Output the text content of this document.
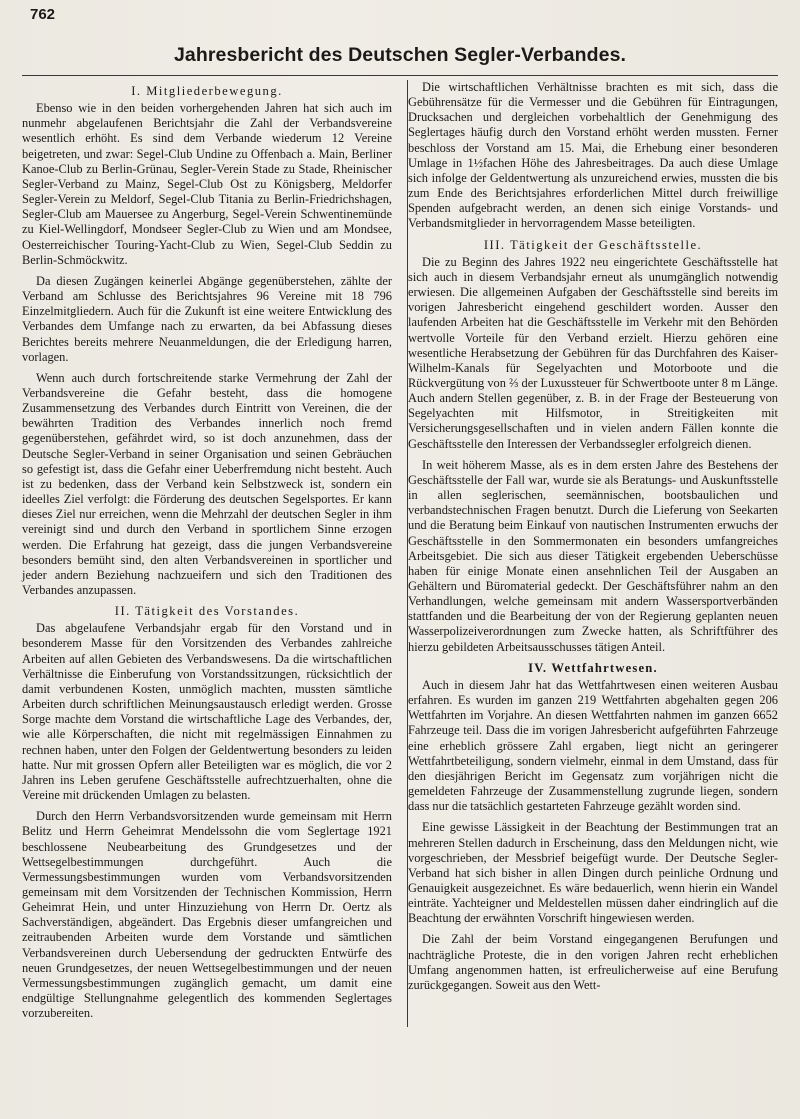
762
Jahresbericht des Deutschen Segler-Verbandes.
I. Mitgliederbewegung.

Ebenso wie in den beiden vorhergehenden Jahren hat sich auch im nunmehr abgelaufenen Berichtsjahr die Zahl der Verbandsvereine wesentlich erhöht. Es sind dem Verbande wiederum 12 Vereine beigetreten, und zwar: Segel-Club Undine zu Offenbach a. Main, Berliner Kanoe-Club zu Berlin-Grünau, Segler-Verein Stade zu Stade, Rheinischer Segler-Verband zu Mainz, Segel-Club Ost zu Königsberg, Meldorfer Segler-Verein zu Meldorf, Segel-Club Titania zu Berlin-Friedrichshagen, Segler-Club am Mauersee zu Angerburg, Segel-Verein Schwentinemünde zu Kiel-Wellingdorf, Mondseer Segler-Club zu Wien und am Mondsee, Oesterreichischer Touring-Yacht-Club zu Wien, Segel-Club Seddin zu Berlin-Schmöckwitz.

Da diesen Zugängen keinerlei Abgänge gegenüberstehen, zählte der Verband am Schlusse des Berichtsjahres 96 Vereine mit 18 796 Einzelmitgliedern. Auch für die Zukunft ist eine weitere Entwicklung des Verbandes dem Umfange nach zu erwarten, da bei Abfassung dieses Berichtes bereits mehrere Neuanmeldungen, die der Erledigung harren, vorlagen.

Wenn auch durch fortschreitende starke Vermehrung der Zahl der Verbandsvereine die Gefahr besteht, dass die homogene Zusammensetzung des Verbandes durch Eintritt von Vereinen, die der bewährten Tradition des Verbandes innerlich noch fremd gegenüberstehen, gefährdet wird, so ist doch anzunehmen, dass der Deutsche Segler-Verband in seiner Organisation und seinen Gebräuchen so gefestigt ist, dass die Gefahr einer Ueberfremdung nicht besteht. Auch ist zu bedenken, dass der Verband kein Selbstzweck ist, sondern ein ideelles Ziel verfolgt: die Förderung des deutschen Segelsportes. Er kann dieses Ziel nur erreichen, wenn die Mehrzahl der deutschen Segler in ihm vereinigt sind und durch den Verband in sportlichem Sinne erzogen werden. Die Erfahrung hat gezeigt, dass die jungen Verbandsvereine besonders bemüht sind, den alten Verbandsvereinen in sportlicher und jeder andern Beziehung nachzueifern und sich den Traditionen des Verbandes anzupassen.

II. Tätigkeit des Vorstandes.

Das abgelaufene Verbandsjahr ergab für den Vorstand und in besonderem Masse für den Vorsitzenden des Verbandes zahlreiche Arbeiten auf allen Gebieten des Verbandswesens. Da die wirtschaftlichen Verhältnisse die Einberufung von Vorstandssitzungen, rücksichtlich der damit verbundenen Kosten, unmöglich machten, mussten sämtliche Arbeiten durch schriftlichen Meinungsaustausch erledigt werden. Grosse Sorge machte dem Vorstand die wirtschaftliche Lage des Verbandes, der, wie alle Körperschaften, die nicht mit regelmässigen Einnahmen zu rechnen haben, unter den Folgen der Geldentwertung besonders zu leiden hatte. Nur mit grossen Opfern aller Beteiligten war es möglich, die vor 2 Jahren ins Leben gerufene Geschäftsstelle aufrechtzuerhalten, ohne die Vereine mit drückenden Umlagen zu belasten.

Durch den Herrn Verbandsvorsitzenden wurde gemeinsam mit Herrn Belitz und Herrn Geheimrat Mendelssohn die vom Seglertage 1921 beschlossene Neubearbeitung des Grundgesetzes und der Wettsegelbestimmungen durchgeführt. Auch die Vermessungsbestimmungen wurden vom Verbandsvorsitzenden gemeinsam mit dem Vorsitzenden der Technischen Kommission, Herrn Geheimrat Hein, und unter Hinzuziehung von Herrn Dr. Oertz als Sachverständigen, abgeändert. Das Ergebnis dieser umfangreichen und zeitraubenden Arbeiten wurde dem Vorstande und sämtlichen Verbandsvereinen durch Uebersendung der gedruckten Entwürfe des neuen Grundgesetzes, der neuen Wettsegelbestimmungen und der neuen Vermessungsbestimmungen zugänglich gemacht, um damit eine endgültige Stellungnahme gelegentlich des kommenden Seglertages vorzubereiten.

Die wirtschaftlichen Verhältnisse brachten es mit sich, dass die Gebührensätze für die Vermesser und die Gebühren für Eintragungen, Drucksachen und dergleichen vorbehaltlich der Genehmigung des Seglertages häufig durch den Vorstand erhöht werden mussten. Ferner beschloss der Vorstand am 15. Mai, die Erhebung einer besonderen Umlage in 1½fachen Höhe des Jahresbeitrages. Da auch diese Umlage sich infolge der Geldentwertung als unzureichend erwies, mussten die bis zum Ende des Berichtsjahres erforderlichen Mittel durch freiwillige Spenden aufgebracht werden, an denen sich einige Vorstands- und Verbandsmitglieder in hervorragendem Masse beteiligten.

III. Tätigkeit der Geschäftsstelle.

Die zu Beginn des Jahres 1922 neu eingerichtete Geschäftsstelle hat sich auch in diesem Verbandsjahr erneut als unumgänglich notwendig erwiesen. Die allgemeinen Aufgaben der Geschäftsstelle sind bereits im vorigen Jahresbericht eingehend geschildert worden. Ausser den laufenden Arbeiten hat die Geschäftsstelle im Verkehr mit den Behörden wertvolle Vorteile für den Verband erzielt. Hierzu gehören eine wesentliche Herabsetzung der Gebühren für das Durchfahren des Kaiser-Wilhelm-Kanals für Segelyachten und Motorboote und die Rückvergütung von ⅔ der Luxussteuer für Schwertboote unter 8 m Länge. Auch andern Stellen gegenüber, z. B. in der Frage der Besteuerung von Segelyachten mit Hilfsmotor, in Streitigkeiten mit Versicherungsgesellschaften und in vielen andern Fällen konnte die Geschäftsstelle den Interessen der Verbandssegler erfolgreich dienen.

In weit höherem Masse, als es in dem ersten Jahre des Bestehens der Geschäftsstelle der Fall war, wurde sie als Beratungs- und Auskunftsstelle in allen seglerischen, seemännischen, bootsbaulichen und verbandstechnischen Fragen benutzt. Durch die Lieferung von Seekarten und die Beratung beim Einkauf von nautischen Instrumenten erwuchs der Geschäftsstelle in den Sommermonaten ein besonders umfangreiches Arbeitsgebiet. Die sich aus dieser Tätigkeit ergebenden Ueberschüsse haben für einige Monate einen ansehnlichen Teil der Ausgaben an Gehältern und Büromaterial gedeckt. Der Geschäftsführer nahm an den Verhandlungen, welche gemeinsam mit andern Wassersportverbänden stattfanden und die Bearbeitung der von der Regierung geplanten neuen Wasserpolizeiverordnungen zum Zwecke hatten, als Schriftführer des hierzu gebildeten Arbeitsausschusses tätigen Anteil.

IV. Wettfahrtwesen.

Auch in diesem Jahr hat das Wettfahrtwesen einen weiteren Ausbau erfahren. Es wurden im ganzen 219 Wettfahrten abgehalten gegen 206 Wettfahrten im Vorjahre. An diesen Wettfahrten nahmen im ganzen 6652 Fahrzeuge teil. Dass die im vorigen Jahresbericht aufgeführten Fahrzeuge eine erheblich grössere Zahl ergaben, liegt nicht an geringerer Wettfahrtbeteiligung, sondern vielmehr, einmal in dem Umstand, dass für den diesjährigen Bericht im Gegensatz zum vorjährigen nicht die gemeldeten Fahrzeuge der Zusammenstellung zugrunde liegen, sondern dass nur die tatsächlich gestarteten Fahrzeuge gezählt worden sind.

Eine gewisse Lässigkeit in der Beachtung der Bestimmungen trat an mehreren Stellen dadurch in Erscheinung, dass den Meldungen nicht, wie vorgeschrieben, der Messbrief beigefügt wurde. Der Deutsche Segler-Verband hat sich bisher in allen Dingen durch peinliche Ordnung und Genauigkeit ausgezeichnet. Es wäre bedauerlich, wenn hierin ein Wandel einträte. Yachteigner und Meldestellen müssen daher eindringlich auf die Beachtung der erwähnten Vorschrift hingewiesen werden.

Die Zahl der beim Vorstand eingegangenen Berufungen und nachträgliche Proteste, die in den vorigen Jahren recht erheblichen Umfang angenommen hatten, ist erfreulicherweise auf eine Berufung zurückgegangen. Soweit aus den Wett-
